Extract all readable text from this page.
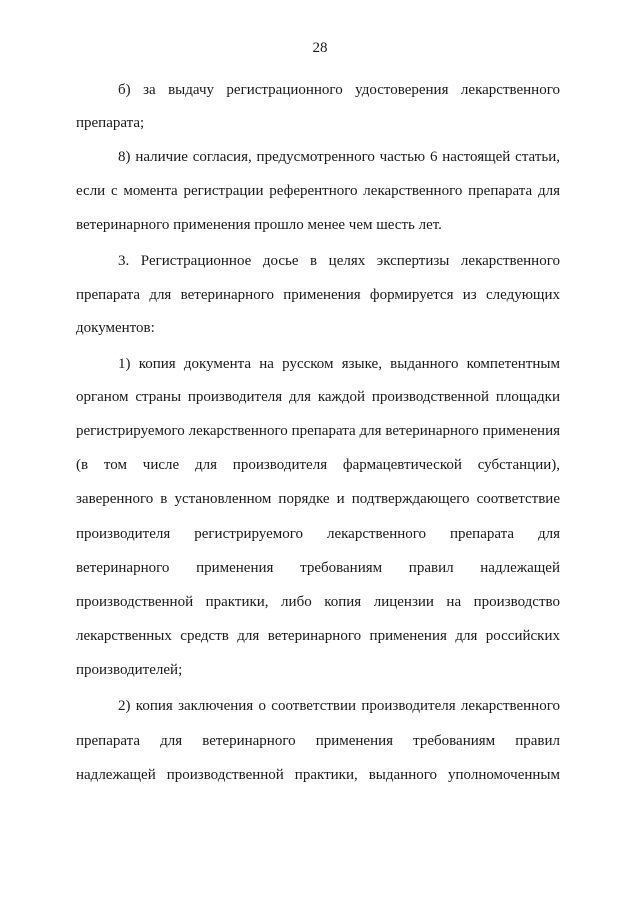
28
б) за выдачу регистрационного удостоверения лекарственного
препарата;
8) наличие согласия, предусмотренного частью 6 настоящей статьи,
если с момента регистрации референтного лекарственного препарата для
ветеринарного применения прошло менее чем шесть лет.
3. Регистрационное досье в целях экспертизы лекарственного
препарата для ветеринарного применения формируется из следующих
документов:
1) копия документа на русском языке, выданного компетентным
органом страны производителя для каждой производственной площадки
регистрируемого лекарственного препарата для ветеринарного применения
(в том числе для производителя фармацевтической субстанции),
заверенного в установленном порядке и подтверждающего соответствие
производителя регистрируемого лекарственного препарата для
ветеринарного применения требованиям правил надлежащей
производственной практики, либо копия лицензии на производство
лекарственных средств для ветеринарного применения для российских
производителей;
2) копия заключения о соответствии производителя лекарственного
препарата для ветеринарного применения требованиям правил
надлежащей производственной практики, выданного уполномоченным
